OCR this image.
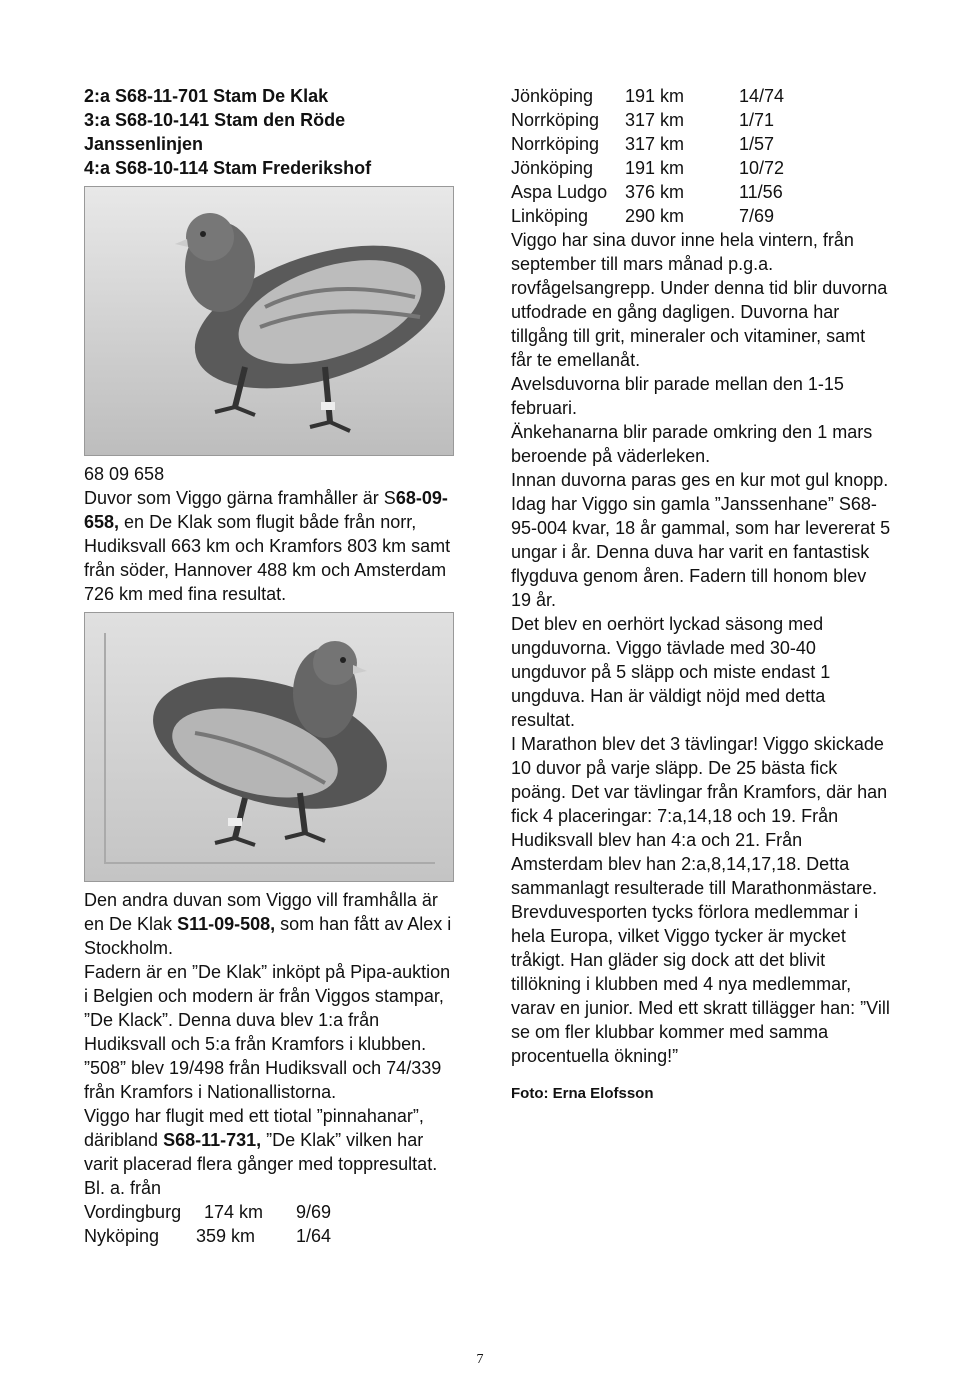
2:a S68-11-701 Stam De Klak

3:a S68-10-141 Stam den Röde

Janssenlinjen

4:a S68-10-114 Stam Frederikshof

68 09 658

Duvor som Viggo gärna framhåller är S68-09-658, en De Klak som flugit både från norr, Hudiksvall 663 km och Kramfors 803 km samt från söder, Hannover 488 km och Amsterdam 726 km med fina resultat.

Den andra duvan som Viggo vill framhålla är en De Klak S11-09-508, som han fått av Alex i Stockholm.

Fadern är en ”De Klak” inköpt på Pipa-auktion i Belgien och modern är från Viggos stampar, ”De Klack”. Denna duva blev 1:a från Hudiksvall och 5:a från Kramfors i klubben. ”508” blev 19/498 från Hudiksvall och 74/339 från Kramfors i Nationallistorna.

Viggo har flugit med ett tiotal ”pinnahanar”, däribland S68-11-731, ”De Klak” vilken har varit placerad flera gånger med toppresultat. Bl. a. från

Vordingburg	174 km	9/69
Nyköping	359 km	1/64
Jönköping	191 km	14/74
Norrköping	317 km	1/71
Norrköping	317 km	1/57
Jönköping	191 km	10/72
Aspa Ludgo 376 km	11/56
Linköping	290 km	7/69

Viggo har sina duvor inne hela vintern, från september till mars månad p.g.a. rovfågelsangrepp. Under denna tid blir duvorna utfodrade en gång dagligen. Duvorna har tillgång till grit, mineraler och vitaminer, samt får te emellanåt.

Avelsduvorna blir parade mellan den 1-15 februari.

Änkehanarna blir parade omkring den 1 mars beroende på väderleken.

Innan duvorna paras ges en kur mot gul knopp.

Idag har Viggo sin gamla ”Janssenhane” S68-95-004 kvar, 18 år gammal, som har levererat 5 ungar i år. Denna duva har varit en fantastisk flygduva genom åren. Fadern till honom blev 19 år.

Det blev en oerhört lyckad säsong med ungduvorna. Viggo tävlade med 30-40 ungduvor på 5 släpp och miste endast 1 ungduva. Han är väldigt nöjd med detta resultat.

I Marathon blev det 3 tävlingar! Viggo skickade 10 duvor på varje släpp. De 25 bästa fick poäng. Det var tävlingar från Kramfors, där han fick 4 placeringar: 7:a,14,18 och 19. Från Hudiksvall blev han 4:a och 21. Från Amsterdam blev han 2:a,8,14,17,18. Detta sammanlagt resulterade till Marathonmästare.

Brevduvesporten tycks förlora medlemmar i hela Europa, vilket Viggo tycker är mycket tråkigt. Han gläder sig dock att det blivit tillökning i klubben med 4 nya medlemmar, varav en junior. Med ett skratt tillägger han: ”Vill se om fler klubbar kommer med samma procentuella ökning!”

Foto: Erna Elofsson

7
